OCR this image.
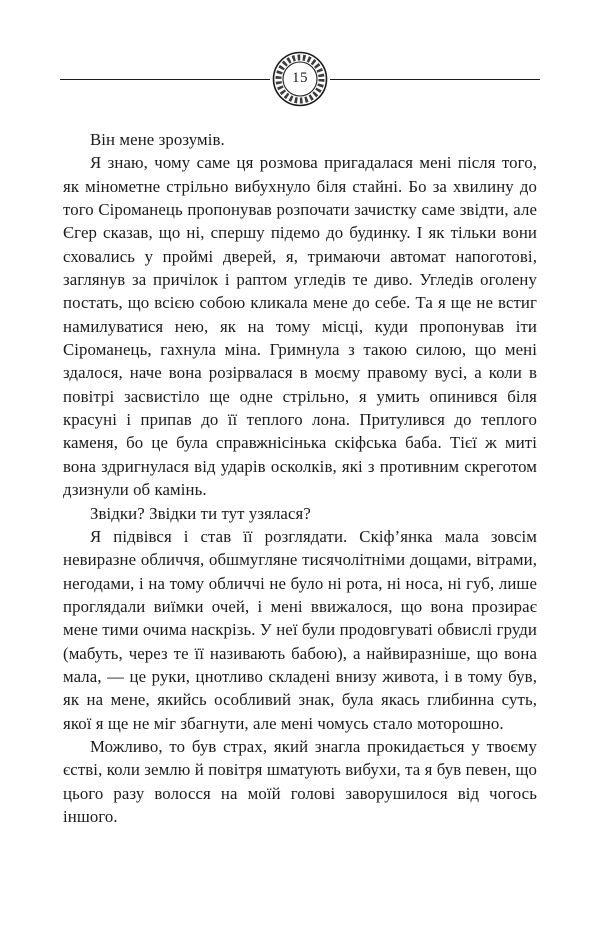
15

Він мене зрозумів.

Я знаю, чому саме ця розмова пригадалася мені після того, як мінометне стрільно вибухнуло біля стайні. Бо за хвилину до того Сіроманець пропонував розпочати зачистку саме звідти, але Єгер сказав, що ні, спершу підемо до будинку. І як тільки вони сховались у проймі дверей, я, тримаючи автомат напоготові, заглянув за причілок і раптом угледів те диво. Угледів оголену постать, що всією собою кликала мене до себе. Та я ще не встиг намилуватися нею, як на тому місці, куди пропонував іти Сіроманець, гахнула міна. Гримнула з такою силою, що мені здалося, наче вона розірвалася в моєму правому вусі, а коли в повітрі засвистіло ще одне стрільно, я умить опинився біля красуні і припав до її теплого лона. Притулився до теплого каменя, бо це була справжнісінька скіфська баба. Тієї ж миті вона здригнулася від ударів осколків, які з противним скреготом дзизнули об камінь.

Звідки? Звідки ти тут узялася?

Я підвівся і став її розглядати. Скіф’янка мала зовсім невиразне обличчя, обшмугляне тисячолітніми дощами, вітрами, негодами, і на тому обличчі не було ні рота, ні носа, ні губ, лише проглядали виїмки очей, і мені ввижалося, що вона прозирає мене тими очима наскрізь. У неї були продовгуваті обвислі груди (мабуть, через те її називають бабою), а найвиразніше, що вона мала, — це руки, цнотливо складені внизу живота, і в тому був, як на мене, якийсь особливий знак, була якась глибинна суть, якої я ще не міг збагнути, але мені чомусь стало моторошно.

Можливо, то був страх, який знагла прокидається у твоєму єстві, коли землю й повітря шматують вибухи, та я був певен, що цього разу волосся на моїй голові заворушилося від чогось іншого.
